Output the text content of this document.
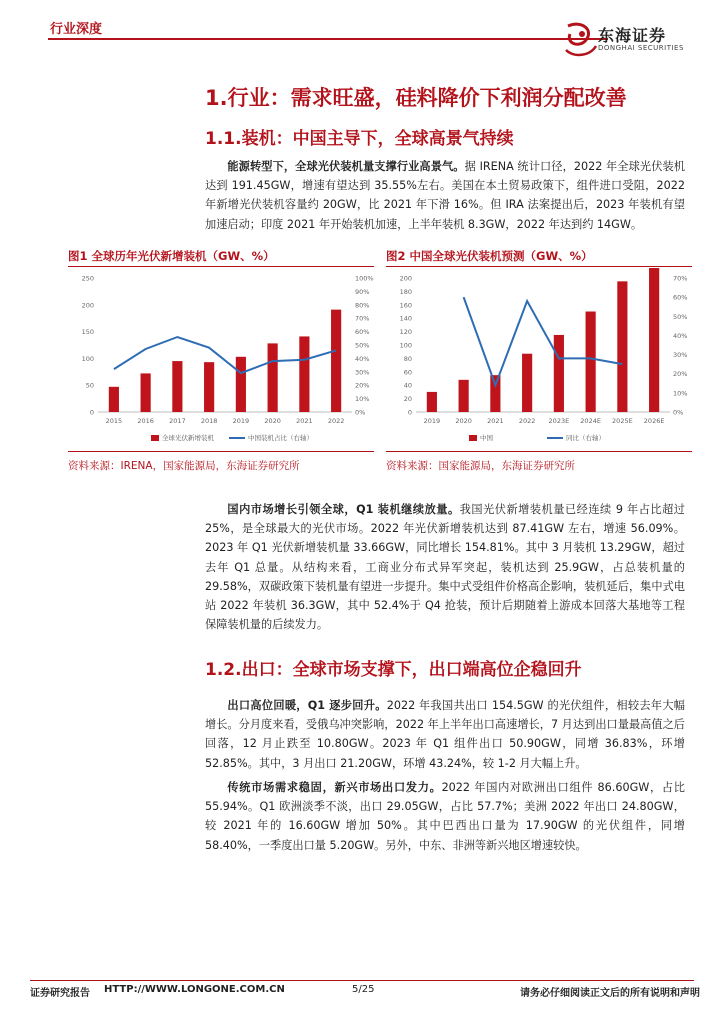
行业深度	东海证券
DONGHAI SECURITIES
1.行业：需求旺盛，硅料降价下利润分配改善
1.1.装机：中国主导下，全球高景气持续
能源转型下，全球光伏装机量支撑行业高景气。据 IRENA 统计口径，2022 年全球光伏装机达到 191.45GW，增速有望达到 35.55%左右。美国在本土贸易政策下，组件进口受阻，2022 年新增光伏装机容量约 20GW，比 2021 年下滑 16%。但 IRA 法案提出后，2023 年装机有望加速启动；印度 2021 年开始装机加速，上半年装机 8.3GW，2022 年达到约 14GW。
图1 全球历年光伏新增装机（GW、%）
0
50
100
150
200
250
0%
10%
20%
30%
40%
50%
60%
70%
80%
90%
100%
2015 2016 2017 2018 2019 2020 2021 2022
全球光伏新增装机	中国装机占比（右轴）
资料来源：IRENA，国家能源局，东海证券研究所
图2 中国全球光伏装机预测（GW、%）
0
20
40
60
80
100
120
140
160
180
200
0%
10%
20%
30%
40%
50%
60%
70%
2019 2020 2021 2022 2023E 2024E 2025E 2026E
中国	同比（右轴）
资料来源：国家能源局，东海证券研究所
国内市场增长引领全球，Q1 装机继续放量。我国光伏新增装机量已经连续 9 年占比超过 25%，是全球最大的光伏市场。2022 年光伏新增装机达到 87.41GW 左右，增速 56.09%。2023 年 Q1 光伏新增装机量 33.66GW，同比增长 154.81%。其中 3 月装机 13.29GW，超过去年 Q1 总量。从结构来看，工商业分布式异军突起，装机达到 25.9GW，占总装机量的 29.58%，双碳政策下装机量有望进一步提升。集中式受组件价格高企影响，装机延后，集中式电站 2022 年装机 36.3GW，其中 52.4%于 Q4 抢装，预计后期随着上游成本回落大基地等工程保障装机量的后续发力。
1.2.出口：全球市场支撑下，出口端高位企稳回升
出口高位回暖，Q1 逐步回升。2022 年我国共出口 154.5GW 的光伏组件，相较去年大幅增长。分月度来看，受俄乌冲突影响，2022 年上半年出口高速增长，7 月达到出口量最高值之后回落，12 月止跌至 10.80GW。2023 年 Q1 组件出口 50.90GW，同增 36.83%，环增 52.85%。其中，3 月出口 21.20GW，环增 43.24%，较 1-2 月大幅上升。
传统市场需求稳固，新兴市场出口发力。2022 年国内对欧洲出口组件 86.60GW，占比 55.94%。Q1 欧洲淡季不淡，出口 29.05GW，占比 57.7%；美洲 2022 年出口 24.80GW，较 2021 年的 16.60GW 增加 50%。其中巴西出口量为 17.90GW 的光伏组件，同增 58.40%，一季度出口量 5.20GW。另外，中东、非洲等新兴地区增速较快。
证券研究报告 HTTP://WWW.LONGONE.COM.CN	5/25	请务必仔细阅读正文后的所有说明和声明
